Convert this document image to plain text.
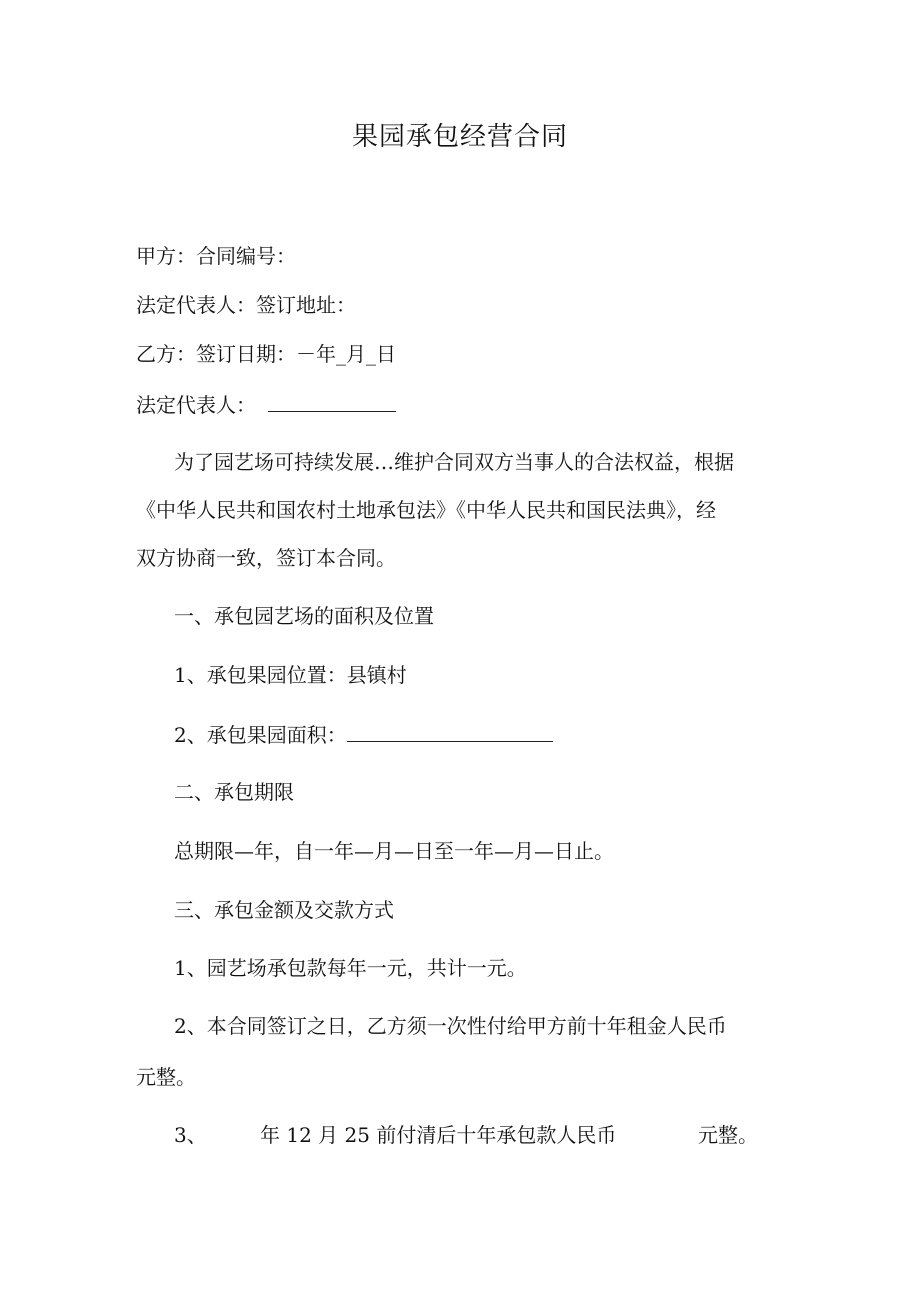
果园承包经营合同

甲方：合同编号：

法定代表人：签订地址：

乙方：签订日期：－年_月_日

法定代表人：

为了园艺场可持续发展…维护合同双方当事人的合法权益，根据

《中华人民共和国农村土地承包法》《中华人民共和国民法典》，经

双方协商一致，签订本合同。

一、承包园艺场的面积及位置

1、承包果园位置：县镇村

2、承包果园面积：

二、承包期限

总期限—年，自一年—月—日至一年—月—日止。

三、承包金额及交款方式

1、园艺场承包款每年一元，共计一元。

2、本合同签订之日，乙方须一次性付给甲方前十年租金人民币

元整。

3、	年 12 月 25 前付清后十年承包款人民币	元整。
